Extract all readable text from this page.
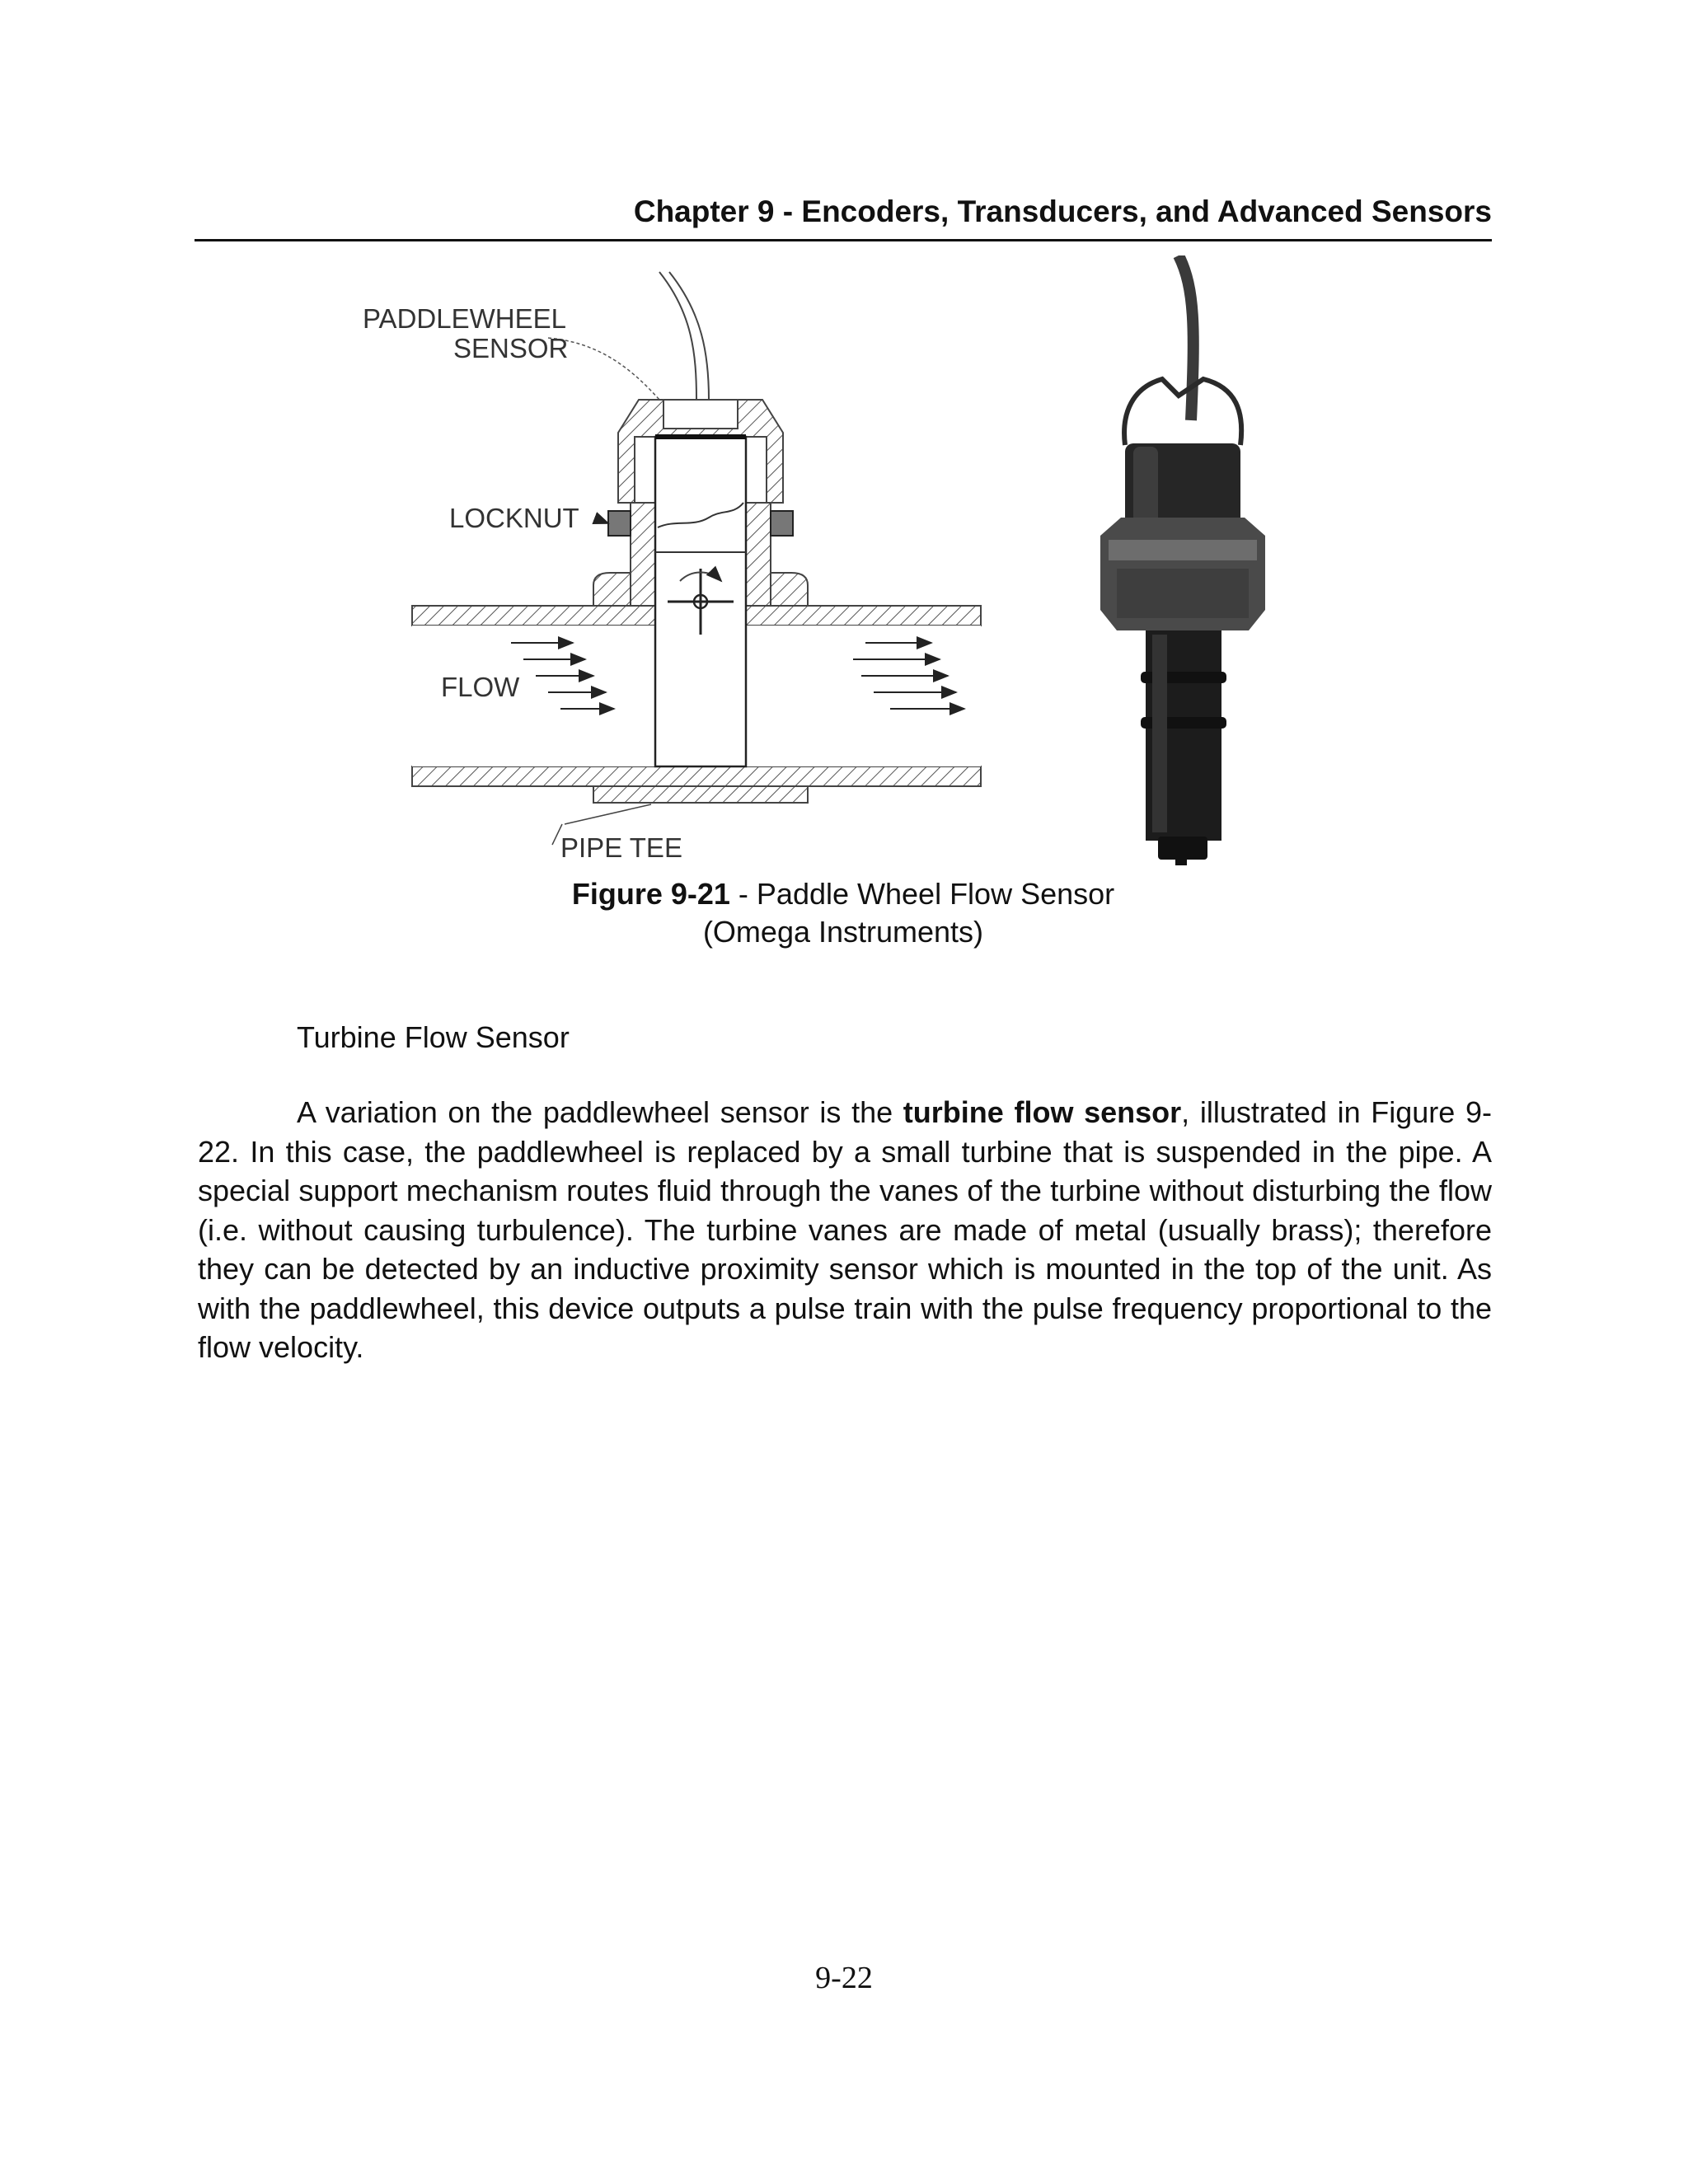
Chapter 9 - Encoders, Transducers, and Advanced Sensors
PADDLEWHEEL
SENSOR
LOCKNUT
FLOW
PIPE TEE
Figure 9-21 - Paddle Wheel Flow Sensor
(Omega Instruments)
Turbine Flow Sensor
A variation on the paddlewheel sensor is the turbine flow sensor, illustrated in Figure 9-22. In this case, the paddlewheel is replaced by a small turbine that is suspended in the pipe. A special support mechanism routes fluid through the vanes of the turbine without disturbing the flow (i.e. without causing turbulence). The turbine vanes are made of metal (usually brass); therefore they can be detected by an inductive proximity sensor which is mounted in the top of the unit. As with the paddlewheel, this device outputs a pulse train with the pulse frequency proportional to the flow velocity.
9-22
